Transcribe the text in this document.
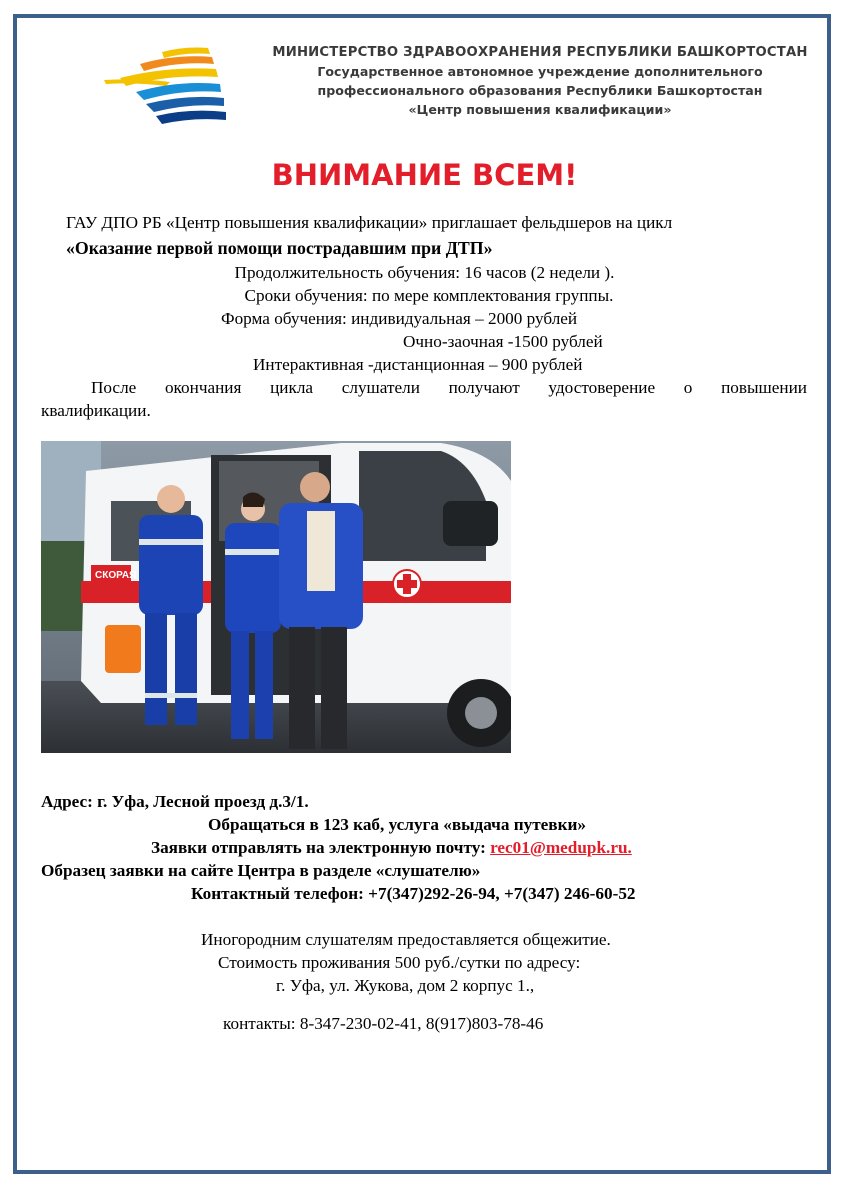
МИНИСТЕРСТВО ЗДРАВООХРАНЕНИЯ РЕСПУБЛИКИ БАШКОРТОСТАН
Государственное автономное учреждение дополнительного
профессионального образования Республики Башкортостан
«Центр повышения квалификации»
ВНИМАНИЕ ВСЕМ!
ГАУ ДПО РБ «Центр повышения квалификации» приглашает фельдшеров на цикл
«Оказание первой помощи пострадавшим при ДТП»
Продолжительность обучения: 16 часов (2 недели ).
Сроки обучения: по мере комплектования группы.
Форма обучения: индивидуальная – 2000 рублей
Очно-заочная -1500 рублей
Интерактивная -дистанционная – 900 рублей
После окончания цикла слушатели получают удостоверение о повышении
квалификации.
СКОРАЯ
Адрес: г. Уфа, Лесной проезд д.3/1.
Обращаться в 123 каб, услуга «выдача путевки»
Заявки отправлять на электронную почту: rec01@medupk.ru.
Образец заявки на сайте Центра в разделе «слушателю»
Контактный телефон: +7(347)292-26-94, +7(347) 246-60-52
Иногородним слушателям предоставляется общежитие.
Стоимость проживания 500 руб./сутки по адресу:
г. Уфа, ул. Жукова, дом 2 корпус 1.,
контакты: 8-347-230-02-41, 8(917)803-78-46
